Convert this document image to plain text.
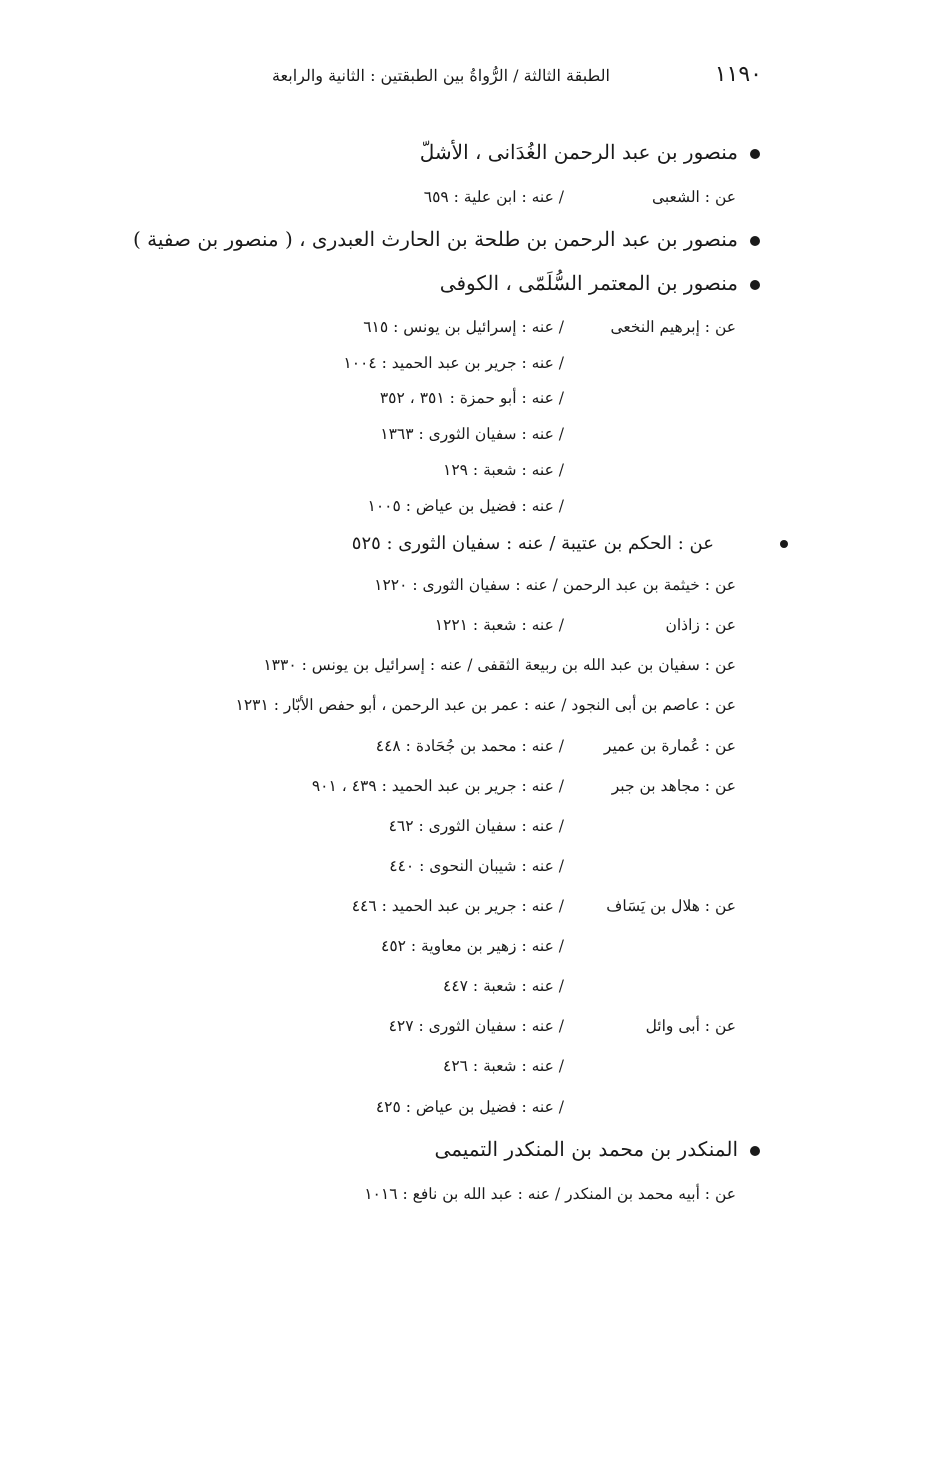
الطبقة الثالثة / الرُّواةُ بين الطبقتين : الثانية والرابعة	١١٩٠
منصور بن عبد الرحمن الغُدَانى ، الأشلّ
عن : الشعبى
/ عنه : ابن علية : ٦٥٩
منصور بن عبد الرحمن بن طلحة بن الحارث العبدرى ، ( منصور بن صفية )
منصور بن المعتمر السُّلَمّى ، الكوفى
عن : إبرهيم النخعى
/ عنه : إسرائيل بن يونس : ٦١٥
/ عنه : جرير بن عبد الحميد : ١٠٠٤
/ عنه : أبو حمزة : ٣٥١ ، ٣٥٢
/ عنه : سفيان الثورى : ١٣٦٣
/ عنه : شعبة : ١٢٩
/ عنه : فضيل بن عياض : ١٠٠٥
عن : الحكم بن عتيبة / عنه : سفيان الثورى : ٥٢٥
عن : خيثمة بن عبد الرحمن / عنه : سفيان الثورى : ١٢٢٠
عن : زاذان
/ عنه : شعبة : ١٢٢١
عن : سفيان بن عبد الله بن ربيعة الثقفى / عنه : إسرائيل بن يونس : ١٣٣٠
عن : عاصم بن أبى النجود / عنه : عمر بن عبد الرحمن ، أبو حفص الأبّار : ١٢٣١
عن : عُمارة بن عمير
/ عنه : محمد بن جُحَادة : ٤٤٨
عن : مجاهد بن جبر
/ عنه : جرير بن عبد الحميد : ٤٣٩ ، ٩٠١
/ عنه : سفيان الثورى : ٤٦٢
/ عنه : شيبان النحوى : ٤٤٠
عن : هلال بن يَسَاف
/ عنه : جرير بن عبد الحميد : ٤٤٦
/ عنه : زهير بن معاوية : ٤٥٢
/ عنه : شعبة : ٤٤٧
عن : أبى وائل
/ عنه : سفيان الثورى : ٤٢٧
/ عنه : شعبة : ٤٢٦
/ عنه : فضيل بن عياض : ٤٢٥
المنكدر بن محمد بن المنكدر التميمى
عن : أبيه محمد بن المنكدر / عنه : عبد الله بن نافع : ١٠١٦
